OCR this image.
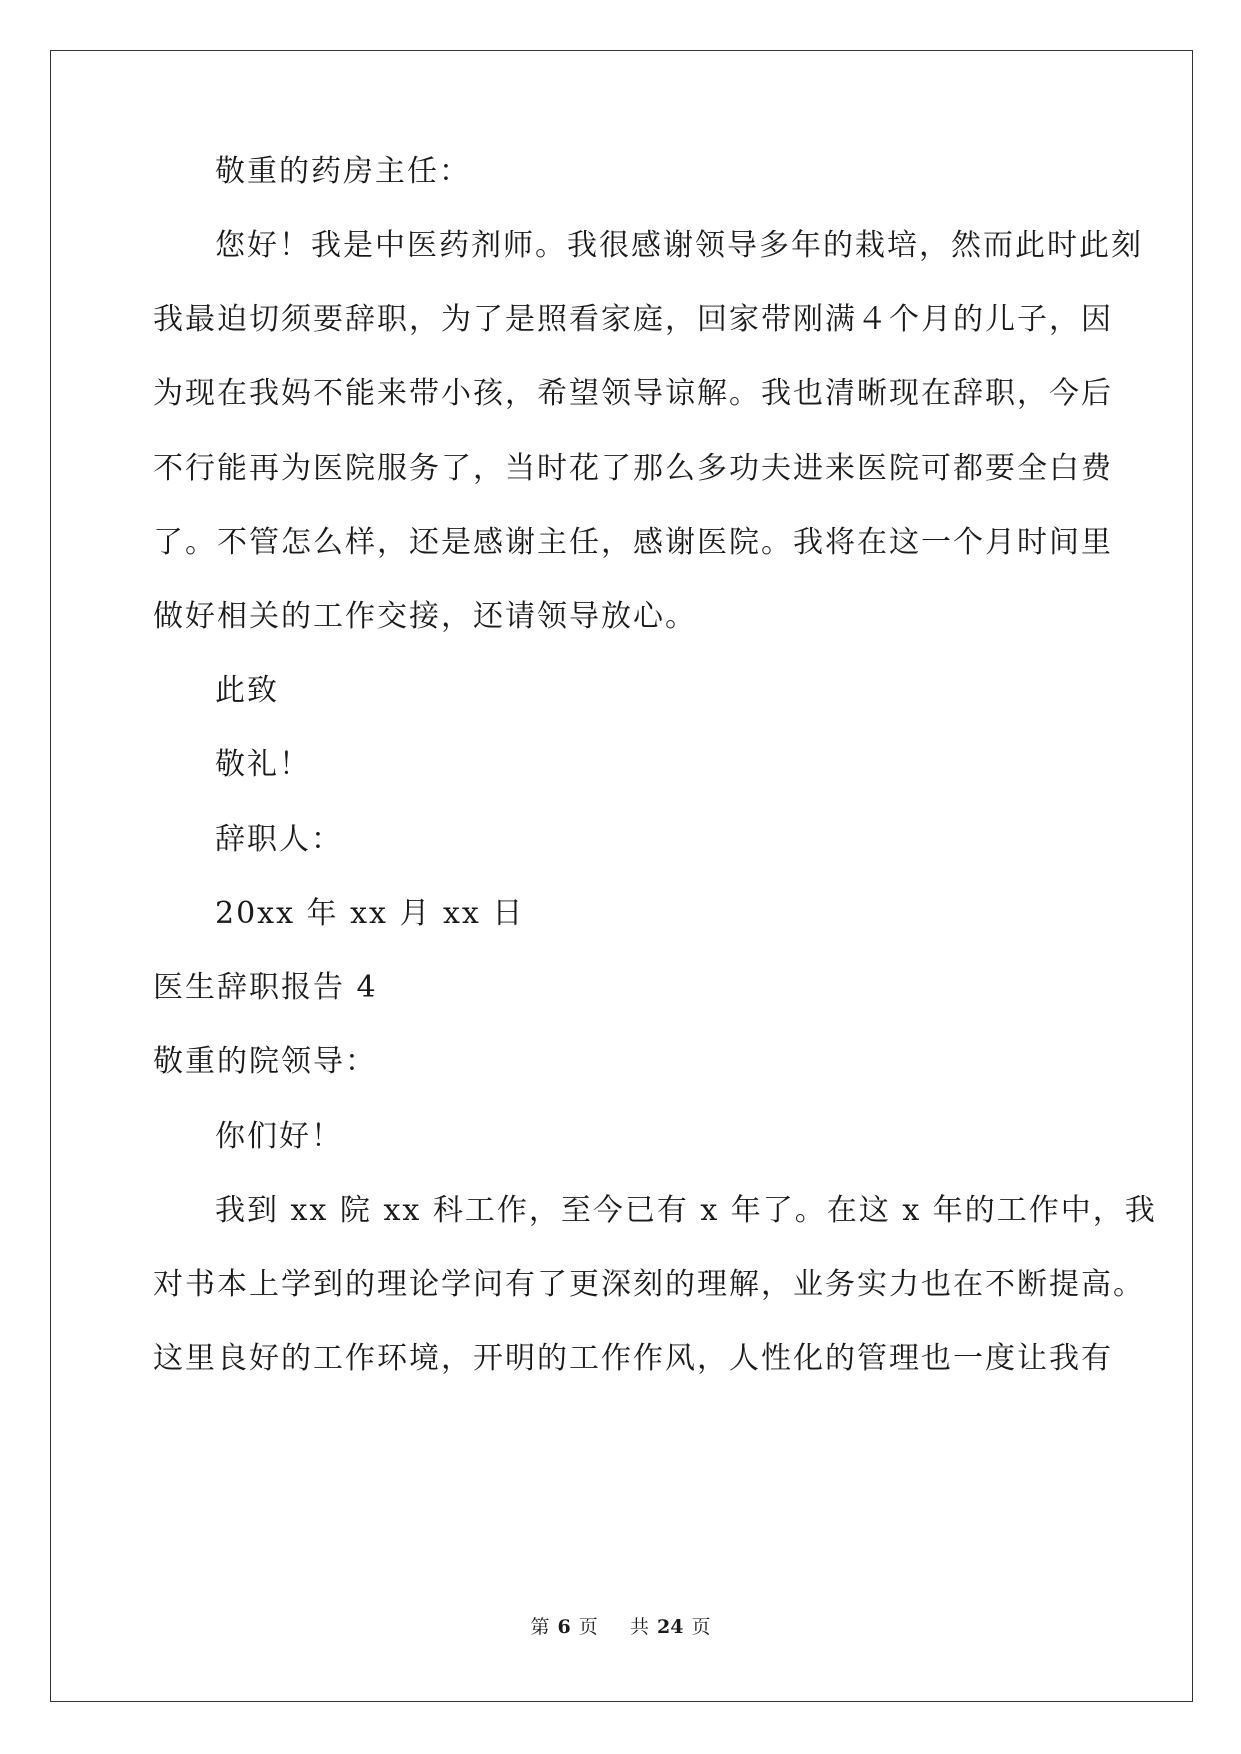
敬重的药房主任：
您好！我是中医药剂师。我很感谢领导多年的栽培，然而此时此刻
我最迫切须要辞职，为了是照看家庭，回家带刚满４个月的儿子，因
为现在我妈不能来带小孩，希望领导谅解。我也清晰现在辞职，今后
不行能再为医院服务了，当时花了那么多功夫进来医院可都要全白费
了。不管怎么样，还是感谢主任，感谢医院。我将在这一个月时间里
做好相关的工作交接，还请领导放心。
此致
敬礼！
辞职人：
20xx 年 xx 月 xx 日
医生辞职报告 4
敬重的院领导：
你们好！
我到 xx 院 xx 科工作，至今已有 x 年了。在这 x 年的工作中，我
对书本上学到的理论学问有了更深刻的理解，业务实力也在不断提高。
这里良好的工作环境，开明的工作作风，人性化的管理也一度让我有
第 6 页 共 24 页
